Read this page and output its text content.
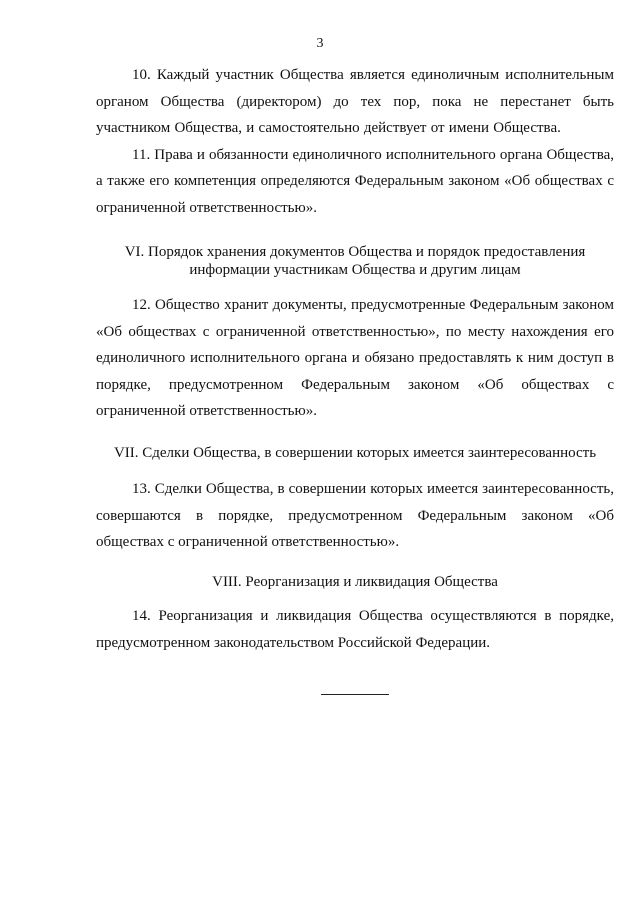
3

10. Каждый участник Общества является единоличным исполнительным органом Общества (директором) до тех пор, пока не перестанет быть участником Общества, и самостоятельно действует от имени Общества.

11. Права и обязанности единоличного исполнительного органа Общества, а также его компетенция определяются Федеральным законом «Об обществах с ограниченной ответственностью».

VI. Порядок хранения документов Общества и порядок предоставления
информации участникам Общества и другим лицам

12. Общество хранит документы, предусмотренные Федеральным законом «Об обществах с ограниченной ответственностью», по месту нахождения его единоличного исполнительного органа и обязано предоставлять к ним доступ в порядке, предусмотренном Федеральным законом «Об обществах с ограниченной ответственностью».

VII. Сделки Общества, в совершении которых имеется заинтересованность

13. Сделки Общества, в совершении которых имеется заинтересованность, совершаются в порядке, предусмотренном Федеральным законом «Об обществах с ограниченной ответственностью».

VIII. Реорганизация и ликвидация Общества

14. Реорганизация и ликвидация Общества осуществляются в порядке, предусмотренном законодательством Российской Федерации.
